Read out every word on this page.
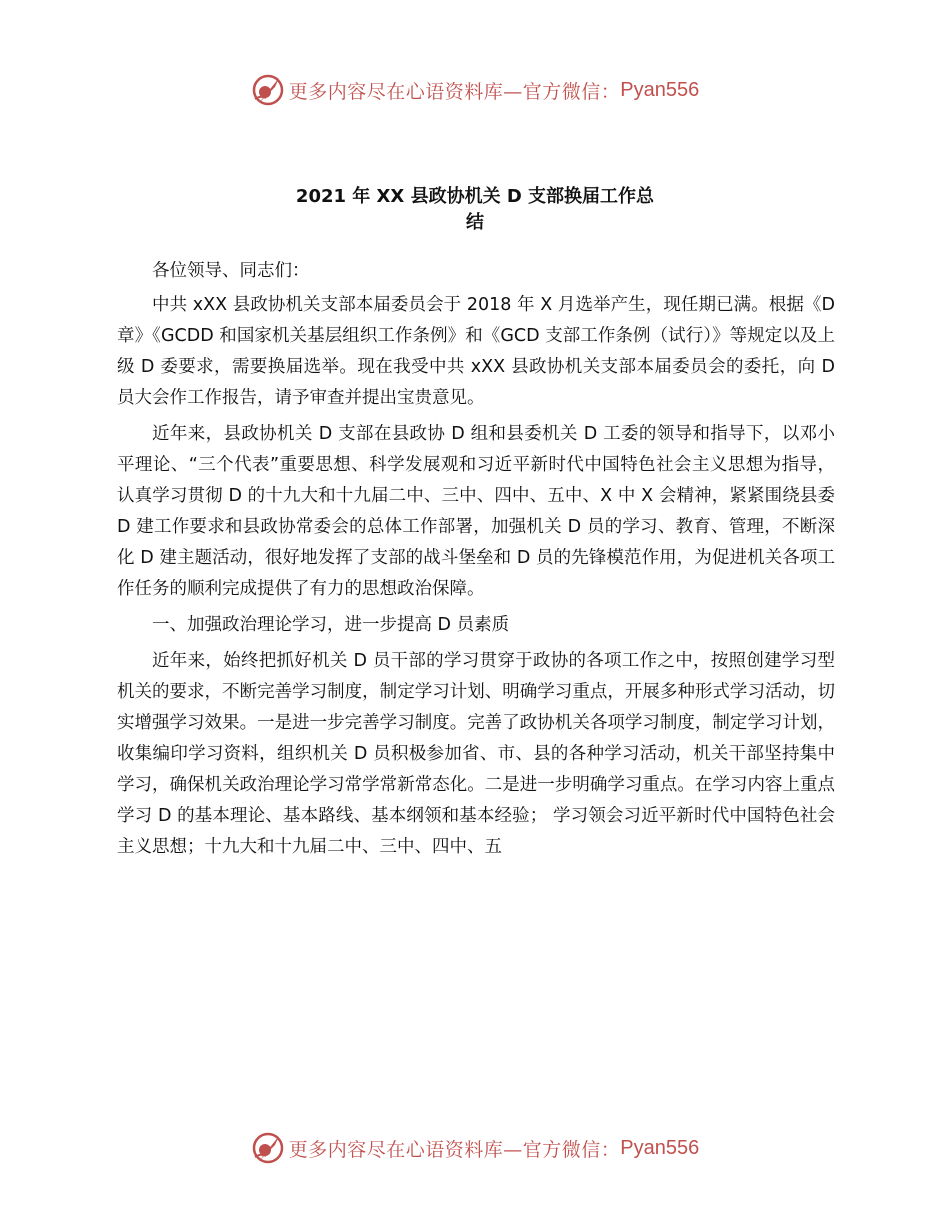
更多内容尽在心语资料库—官方微信： Pyan556
2021 年 XX 县政协机关 D 支部换届工作总
结

各位领导、同志们：

中共 xXX 县政协机关支部本届委员会于 2018 年 X 月选举产生，现任期已满。根据《D 章》《GCDD 和国家机关基层组织工作条例》和《GCD 支部工作条例（试行）》等规定以及上级 D 委要求，需要换届选举。现在我受中共 xXX 县政协机关支部本届委员会的委托，向 D 员大会作工作报告，请予审查并提出宝贵意见。

近年来，县政协机关 D 支部在县政协 D 组和县委机关 D 工委的领导和指导下，以邓小平理论、“三个代表”重要思想、科学发展观和习近平新时代中国特色社会主义思想为指导，认真学习贯彻 D 的十九大和十九届二中、三中、四中、五中、X 中 X 会精神，紧紧围绕县委 D 建工作要求和县政协常委会的总体工作部署，加强机关 D 员的学习、教育、管理，不断深化 D 建主题活动，很好地发挥了支部的战斗堡垒和 D 员的先锋模范作用，为促进机关各项工作任务的顺利完成提供了有力的思想政治保障。

一、加强政治理论学习，进一步提高 D 员素质

近年来，始终把抓好机关 D 员干部的学习贯穿于政协的各项工作之中，按照创建学习型机关的要求，不断完善学习制度，制定学习计划、明确学习重点，开展多种形式学习活动，切实增强学习效果。一是进一步完善学习制度。完善了政协机关各项学习制度，制定学习计划，收集编印学习资料，组织机关 D 员积极参加省、市、县的各种学习活动，机关干部坚持集中学习，确保机关政治理论学习常学常新常态化。二是进一步明确学习重点。在学习内容上重点学习 D 的基本理论、基本路线、基本纲领和基本经验； 学习领会习近平新时代中国特色社会主义思想；十九大和十九届二中、三中、四中、五

更多内容尽在心语资料库—官方微信： Pyan556
